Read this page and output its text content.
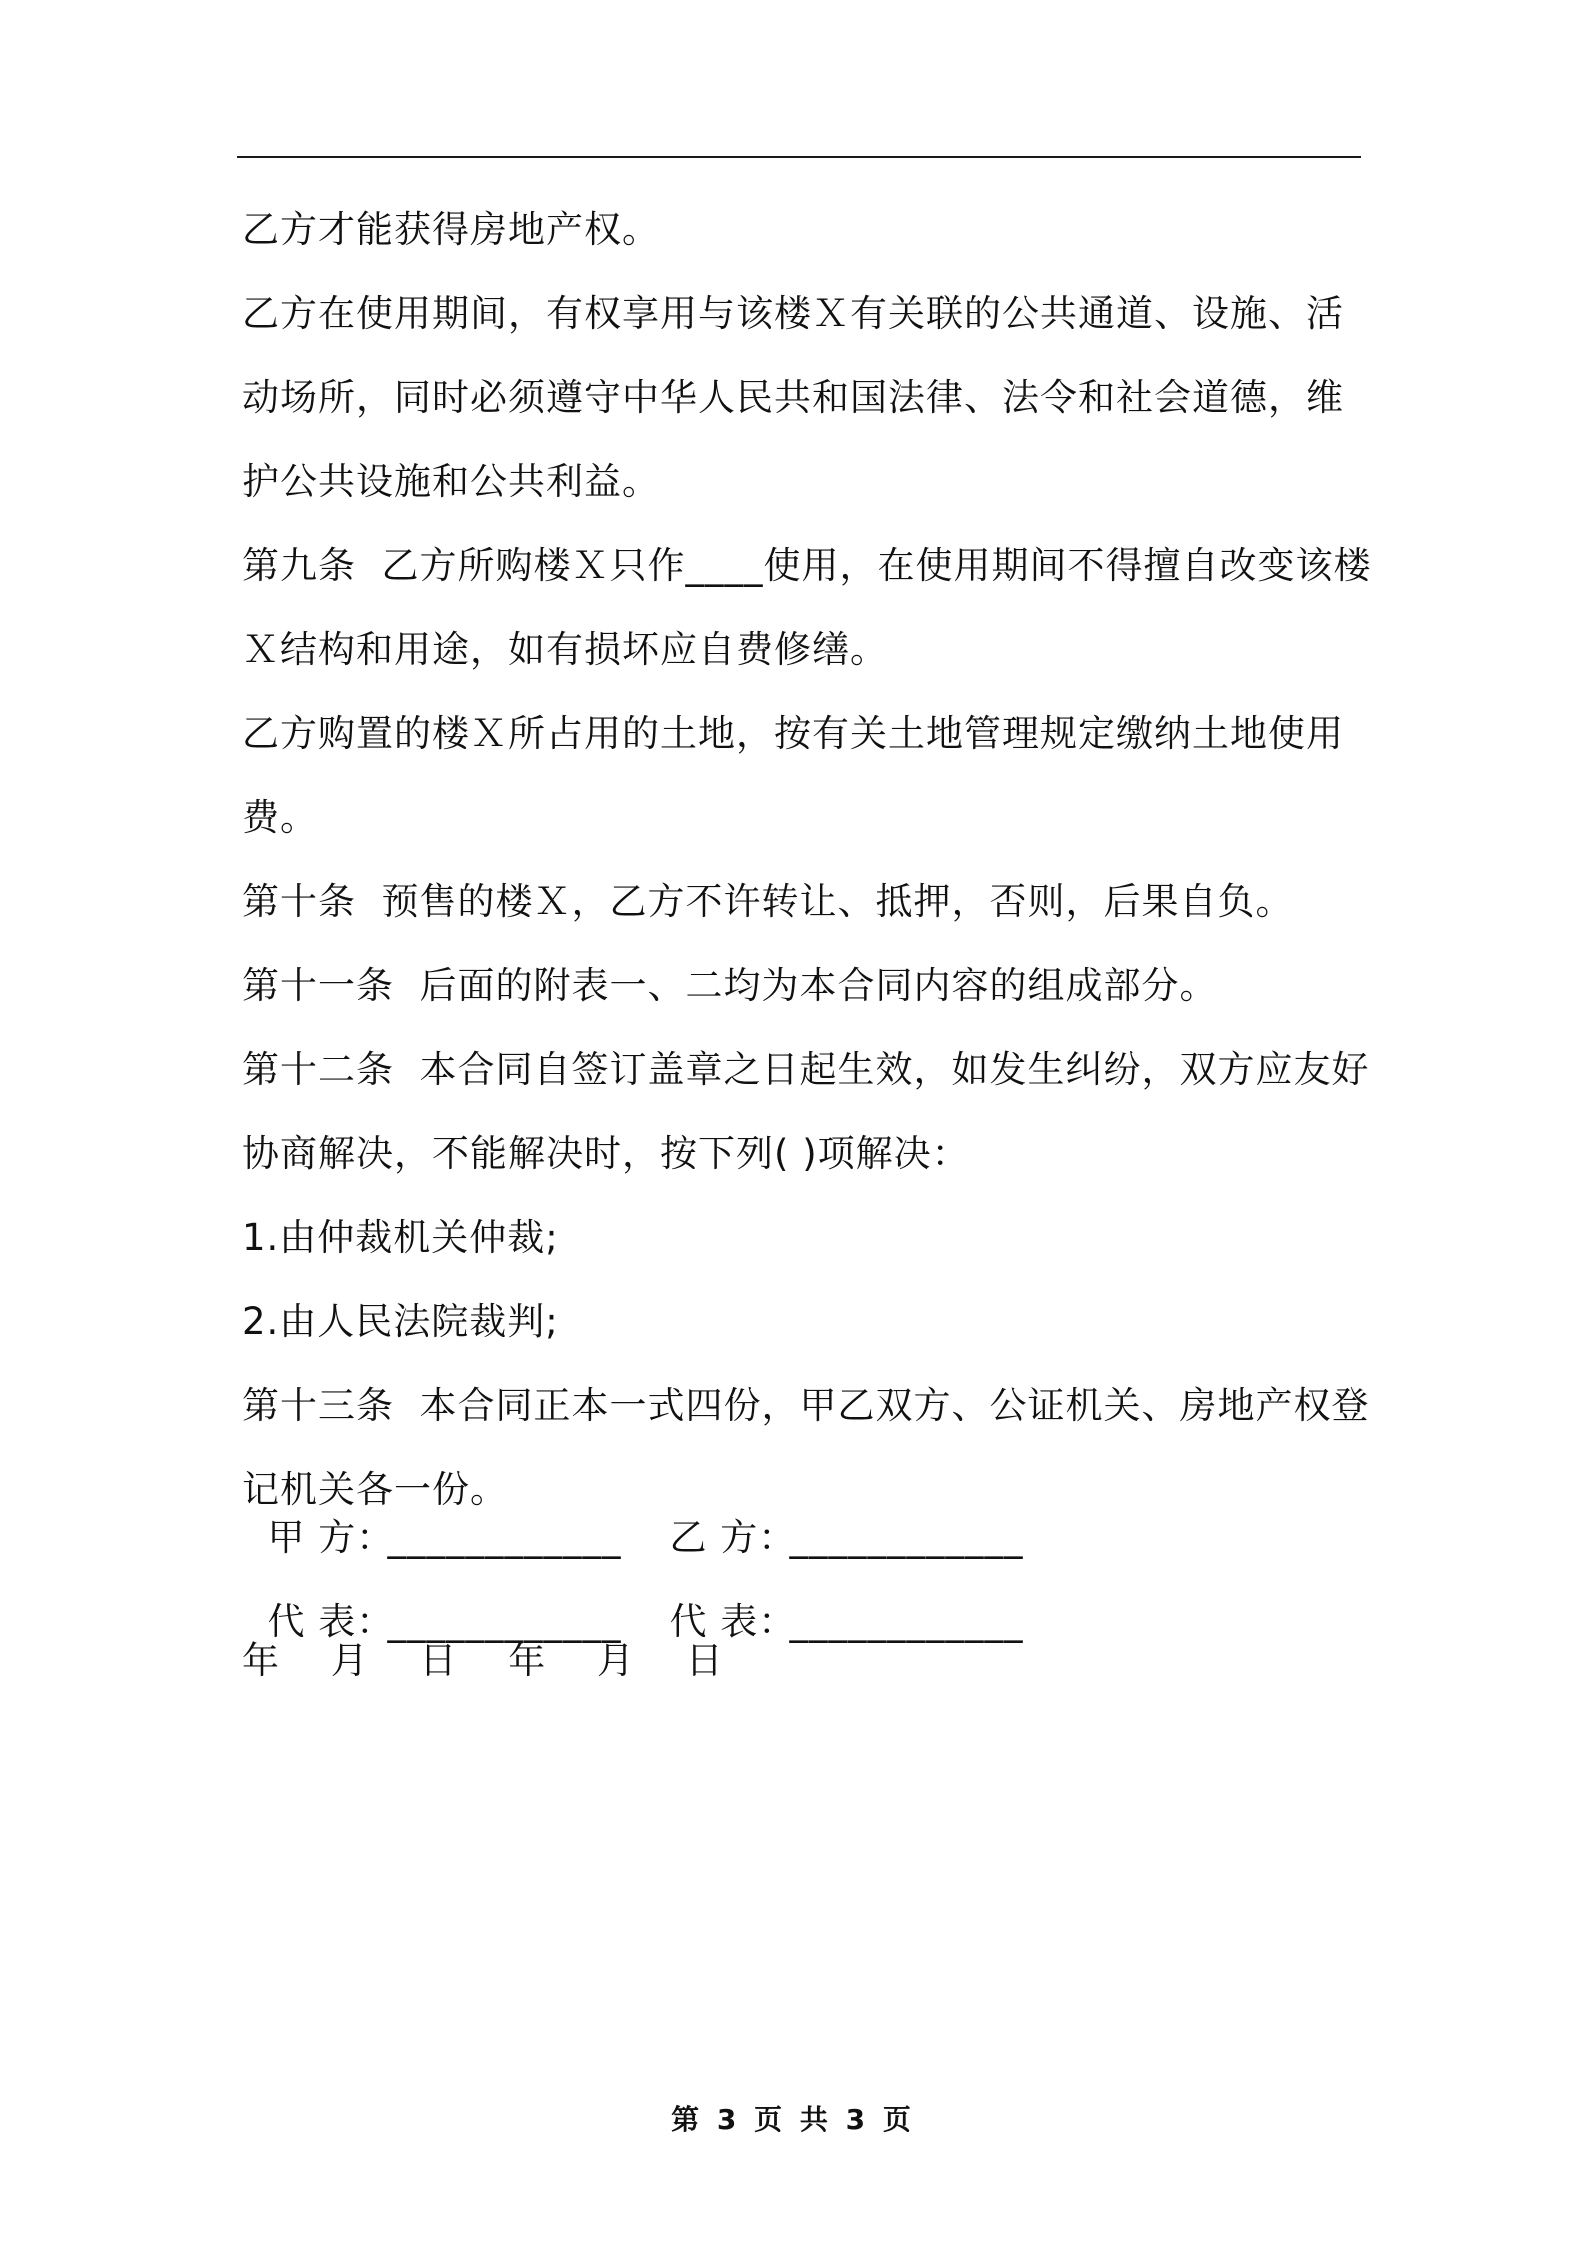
乙方才能获得房地产权。

乙方在使用期间，有权享用与该楼Ｘ有关联的公共通道、设施、活动场所，同时必须遵守中华人民共和国法律、法令和社会道德，维护公共设施和公共利益。

第九条  乙方所购楼Ｘ只作____使用，在使用期间不得擅自改变该楼Ｘ结构和用途，如有损坏应自费修缮。

乙方购置的楼Ｘ所占用的土地，按有关土地管理规定缴纳土地使用费。

第十条  预售的楼Ｘ，乙方不许转让、抵押，否则，后果自负。

第十一条  后面的附表一、二均为本合同内容的组成部分。

第十二条  本合同自签订盖章之日起生效，如发生纠纷，双方应友好协商解决，不能解决时，按下列( )项解决：

1.由仲裁机关仲裁;

2.由人民法院裁判;

第十三条  本合同正本一式四份，甲乙双方、公证机关、房地产权登记机关各一份。

甲 方：____________ 乙 方：____________

代 表：____________ 代 表：____________

年 月 日 年 月 日
第 3 页 共 3 页
